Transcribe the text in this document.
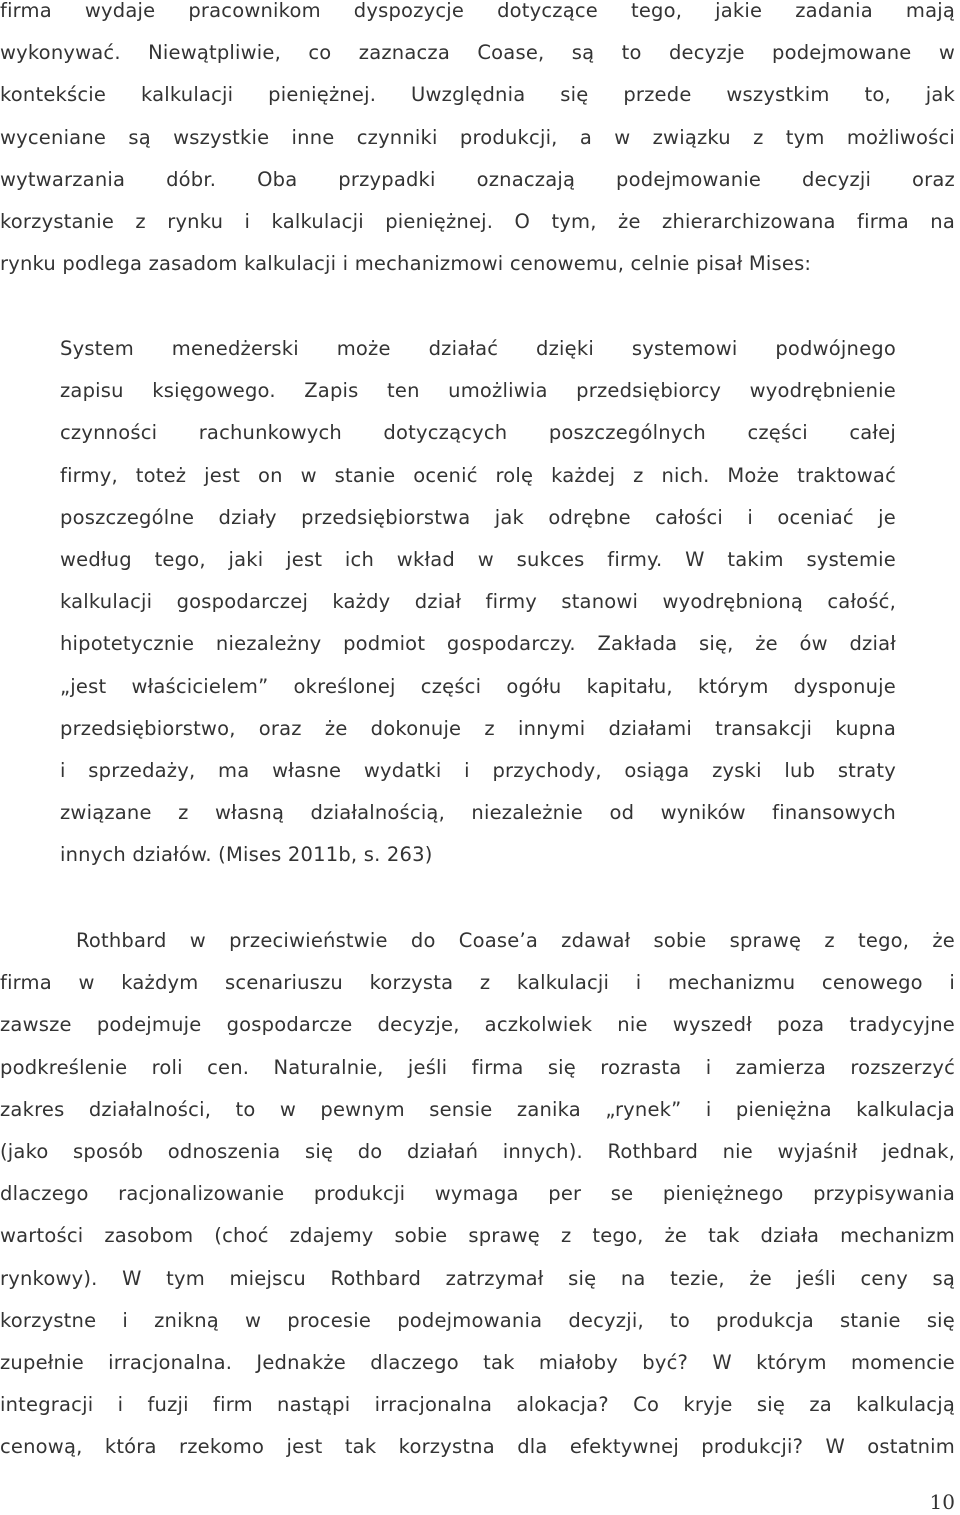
firma wydaje pracownikom dyspozycje dotyczące tego, jakie zadania mają
wykonywać. Niewątpliwie, co zaznacza Coase, są to decyzje podejmowane w
kontekście kalkulacji pieniężnej. Uwzględnia się przede wszystkim to, jak
wyceniane są wszystkie inne czynniki produkcji, a w związku z tym możliwości
wytwarzania dóbr. Oba przypadki oznaczają podejmowanie decyzji oraz
korzystanie z rynku i kalkulacji pieniężnej. O tym, że zhierarchizowana firma na
rynku podlega zasadom kalkulacji i mechanizmowi cenowemu, celnie pisał Mises:
System menedżerski może działać dzięki systemowi podwójnego
zapisu księgowego. Zapis ten umożliwia przedsiębiorcy wyodrębnienie
czynności rachunkowych dotyczących poszczególnych części całej
firmy, toteż jest on w stanie ocenić rolę każdej z nich. Może traktować
poszczególne działy przedsiębiorstwa jak odrębne całości i oceniać je
według tego, jaki jest ich wkład w sukces firmy. W takim systemie
kalkulacji gospodarczej każdy dział firmy stanowi wyodrębnioną całość,
hipotetycznie niezależny podmiot gospodarczy. Zakłada się, że ów dział
„jest właścicielem” określonej części ogółu kapitału, którym dysponuje
przedsiębiorstwo, oraz że dokonuje z innymi działami transakcji kupna
i sprzedaży, ma własne wydatki i przychody, osiąga zyski lub straty
związane z własną działalnością, niezależnie od wyników finansowych
innych działów. (Mises 2011b, s. 263)
Rothbard w przeciwieństwie do Coase’a zdawał sobie sprawę z tego, że
firma w każdym scenariuszu korzysta z kalkulacji i mechanizmu cenowego i
zawsze podejmuje gospodarcze decyzje, aczkolwiek nie wyszedł poza tradycyjne
podkreślenie roli cen. Naturalnie, jeśli firma się rozrasta i zamierza rozszerzyć
zakres działalności, to w pewnym sensie zanika „rynek” i pieniężna kalkulacja
(jako sposób odnoszenia się do działań innych). Rothbard nie wyjaśnił jednak,
dlaczego racjonalizowanie produkcji wymaga per se pieniężnego przypisywania
wartości zasobom (choć zdajemy sobie sprawę z tego, że tak działa mechanizm
rynkowy). W tym miejscu Rothbard zatrzymał się na tezie, że jeśli ceny są
korzystne i znikną w procesie podejmowania decyzji, to produkcja stanie się
zupełnie irracjonalna. Jednakże dlaczego tak miałoby być? W którym momencie
integracji i fuzji firm nastąpi irracjonalna alokacja? Co kryje się za kalkulacją
cenową, która rzekomo jest tak korzystna dla efektywnej produkcji? W ostatnim
10
